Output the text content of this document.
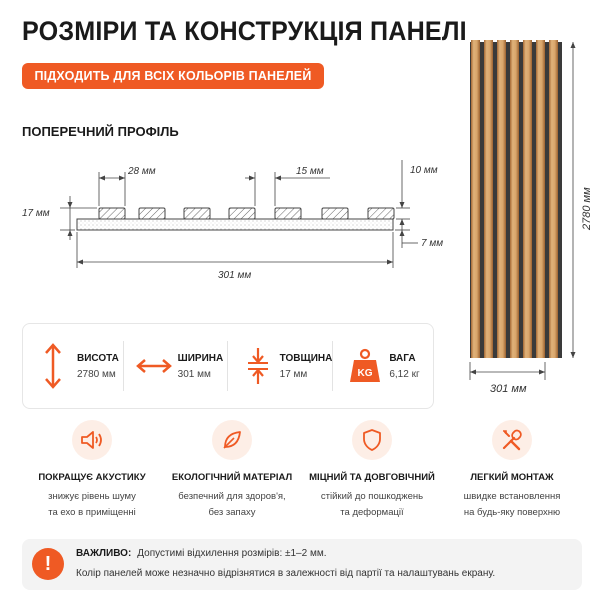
РОЗМІРИ ТА КОНСТРУКЦІЯ ПАНЕЛІ
ПІДХОДИТЬ ДЛЯ ВСІХ КОЛЬОРІВ ПАНЕЛЕЙ
ПОПЕРЕЧНИЙ ПРОФІЛЬ
28 мм	15 мм
17 мм
10 мм
7 мм
301 мм
ВИСОТА
2780 мм
ШИРИНА
301 мм
ТОВЩИНА
17 мм	KG
ВАГА
6,12 кг
2780 мм
301 мм
ПОКРАЩУЄ АКУСТИКУ
знижує рівень шуму
та ехо в приміщенні
ЕКОЛОГІЧНИЙ МАТЕРІАЛ
безпечний для здоров'я,
без запаху
МІЦНИЙ ТА ДОВГОВІЧНИЙ
стійкий до пошкоджень
та деформації
ЛЕГКИЙ МОНТАЖ
швидке встановлення
на будь-яку поверхню
!	ВАЖЛИВО: Допустимі відхилення розмірів: ±1–2 мм.
Колір панелей може незначно відрізнятися в залежності від партії та налаштувань екрану.
